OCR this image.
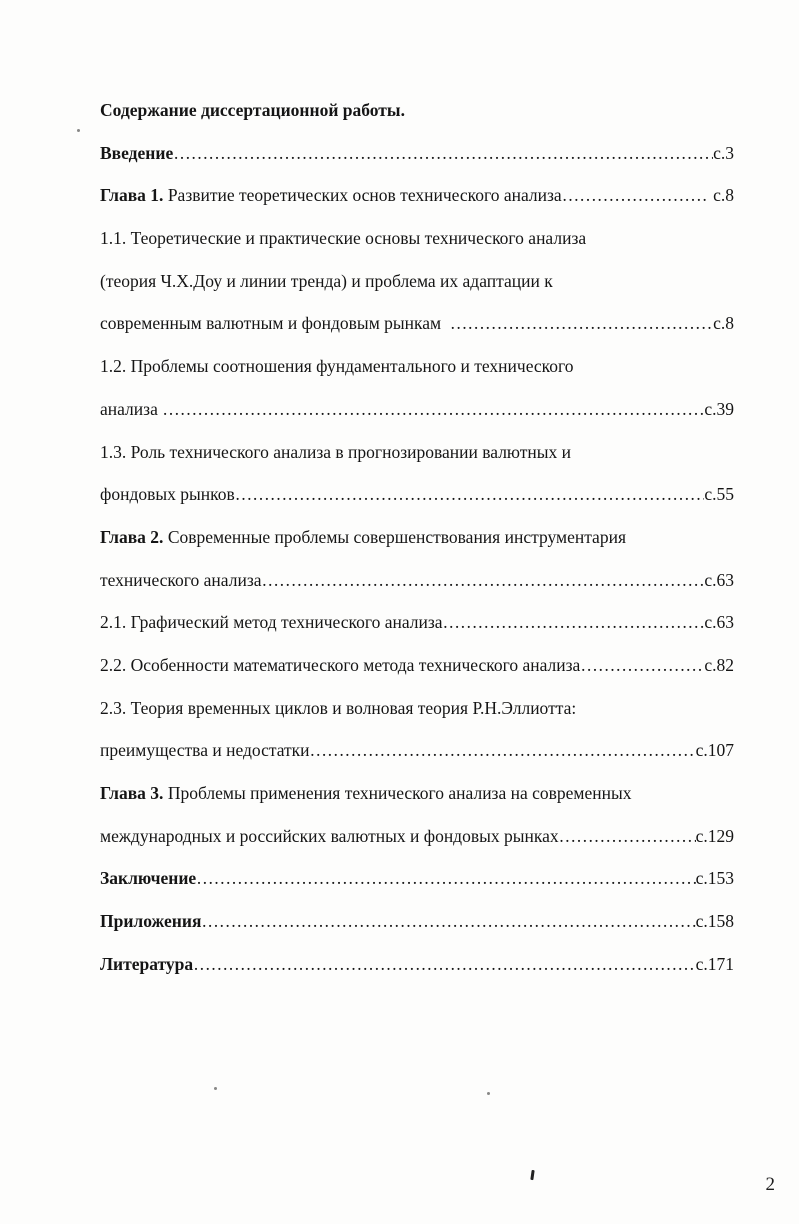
Содержание диссертационной работы.
Введение ………………………………………………………………………………………………………………………………………………………………	с.3
Глава 1. Развитие теоретических основ технического анализа ………………………………………………………………………………………………………………………………………………………………	с.8
1.1. Теоретические и практические основы технического анализа
(теория Ч.Х.Доу и линии тренда) и проблема их адаптации к
современным валютным и фондовым рынкам ………………………………………………………………………………………………………………………………………………………………	с.8
1.2. Проблемы соотношения фундаментального и технического
анализа ………………………………………………………………………………………………………………………………………………………………	с.39
1.3. Роль технического анализа в прогнозировании валютных и
фондовых рынков ………………………………………………………………………………………………………………………………………………………………	с.55
Глава 2. Современные проблемы совершенствования инструментария
технического анализа ………………………………………………………………………………………………………………………………………………………………	с.63
2.1. Графический метод технического анализа ………………………………………………………………………………………………………………………………………………………………	с.63
2.2. Особенности математического метода технического анализа ………………………………………………………………………………………………………………………………………………………………	с.82
2.3. Теория временных циклов и волновая теория Р.Н.Эллиотта:
преимущества и недостатки ………………………………………………………………………………………………………………………………………………………………	с.107
Глава 3. Проблемы применения технического анализа на современных
международных и российских валютных и фондовых рынках ………………………………………………………………………………………………………………………………………………………………	с.129
Заключение ………………………………………………………………………………………………………………………………………………………………	с.153
Приложения ………………………………………………………………………………………………………………………………………………………………	с.158
Литература ………………………………………………………………………………………………………………………………………………………………	с.171
2
